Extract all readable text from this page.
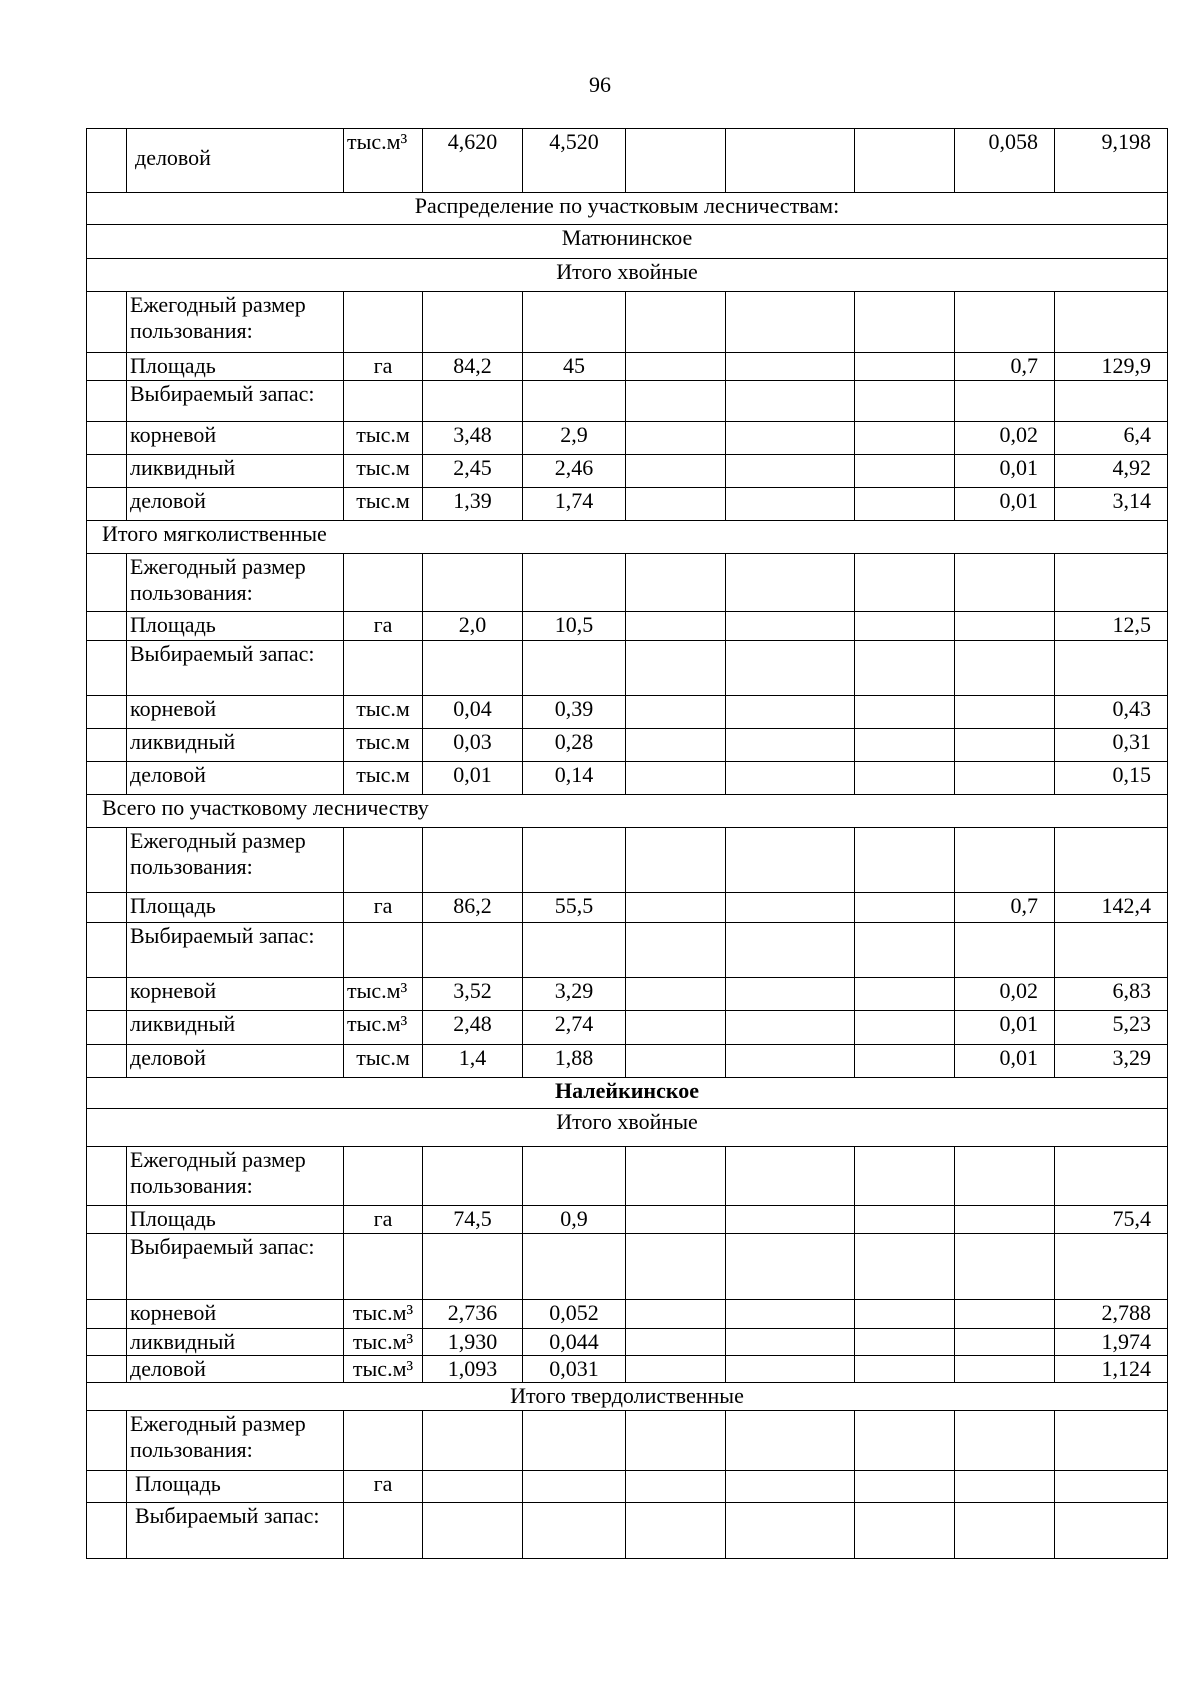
96
	деловой	тыс.м³	4,620	4,520				0,058	9,198
Распределение по участковым лесничествам:									
Матюнинское									
Итого хвойные									
	Ежегодный размер пользования:								
	Площадь	га	84,2	45				0,7	129,9
	Выбираемый запас:								
	корневой	тыс.м	3,48	2,9				0,02	6,4
	ликвидный	тыс.м	2,45	2,46				0,01	4,92
	деловой	тыс.м	1,39	1,74				0,01	3,14
Итого мягколиственные									
	Ежегодный размер пользования:								
	Площадь	га	2,0	10,5					12,5
	Выбираемый запас:								
	корневой	тыс.м	0,04	0,39					0,43
	ликвидный	тыс.м	0,03	0,28					0,31
	деловой	тыс.м	0,01	0,14					0,15
Всего по участковому лесничеству									
	Ежегодный размер пользования:								
	Площадь	га	86,2	55,5				0,7	142,4
	Выбираемый запас:								
	корневой	тыс.м³	3,52	3,29				0,02	6,83
	ликвидный	тыс.м³	2,48	2,74				0,01	5,23
	деловой	тыс.м	1,4	1,88				0,01	3,29
Налейкинское									
Итого хвойные									
	Ежегодный размер пользования:								
	Площадь	га	74,5	0,9					75,4
	Выбираемый запас:								
	корневой	тыс.м³	2,736	0,052					2,788
	ликвидный	тыс.м³	1,930	0,044					1,974
	деловой	тыс.м³	1,093	0,031					1,124
Итого твердолиственные									
	Ежегодный размер пользования:								
	Площадь	га							
	Выбираемый запас:								
